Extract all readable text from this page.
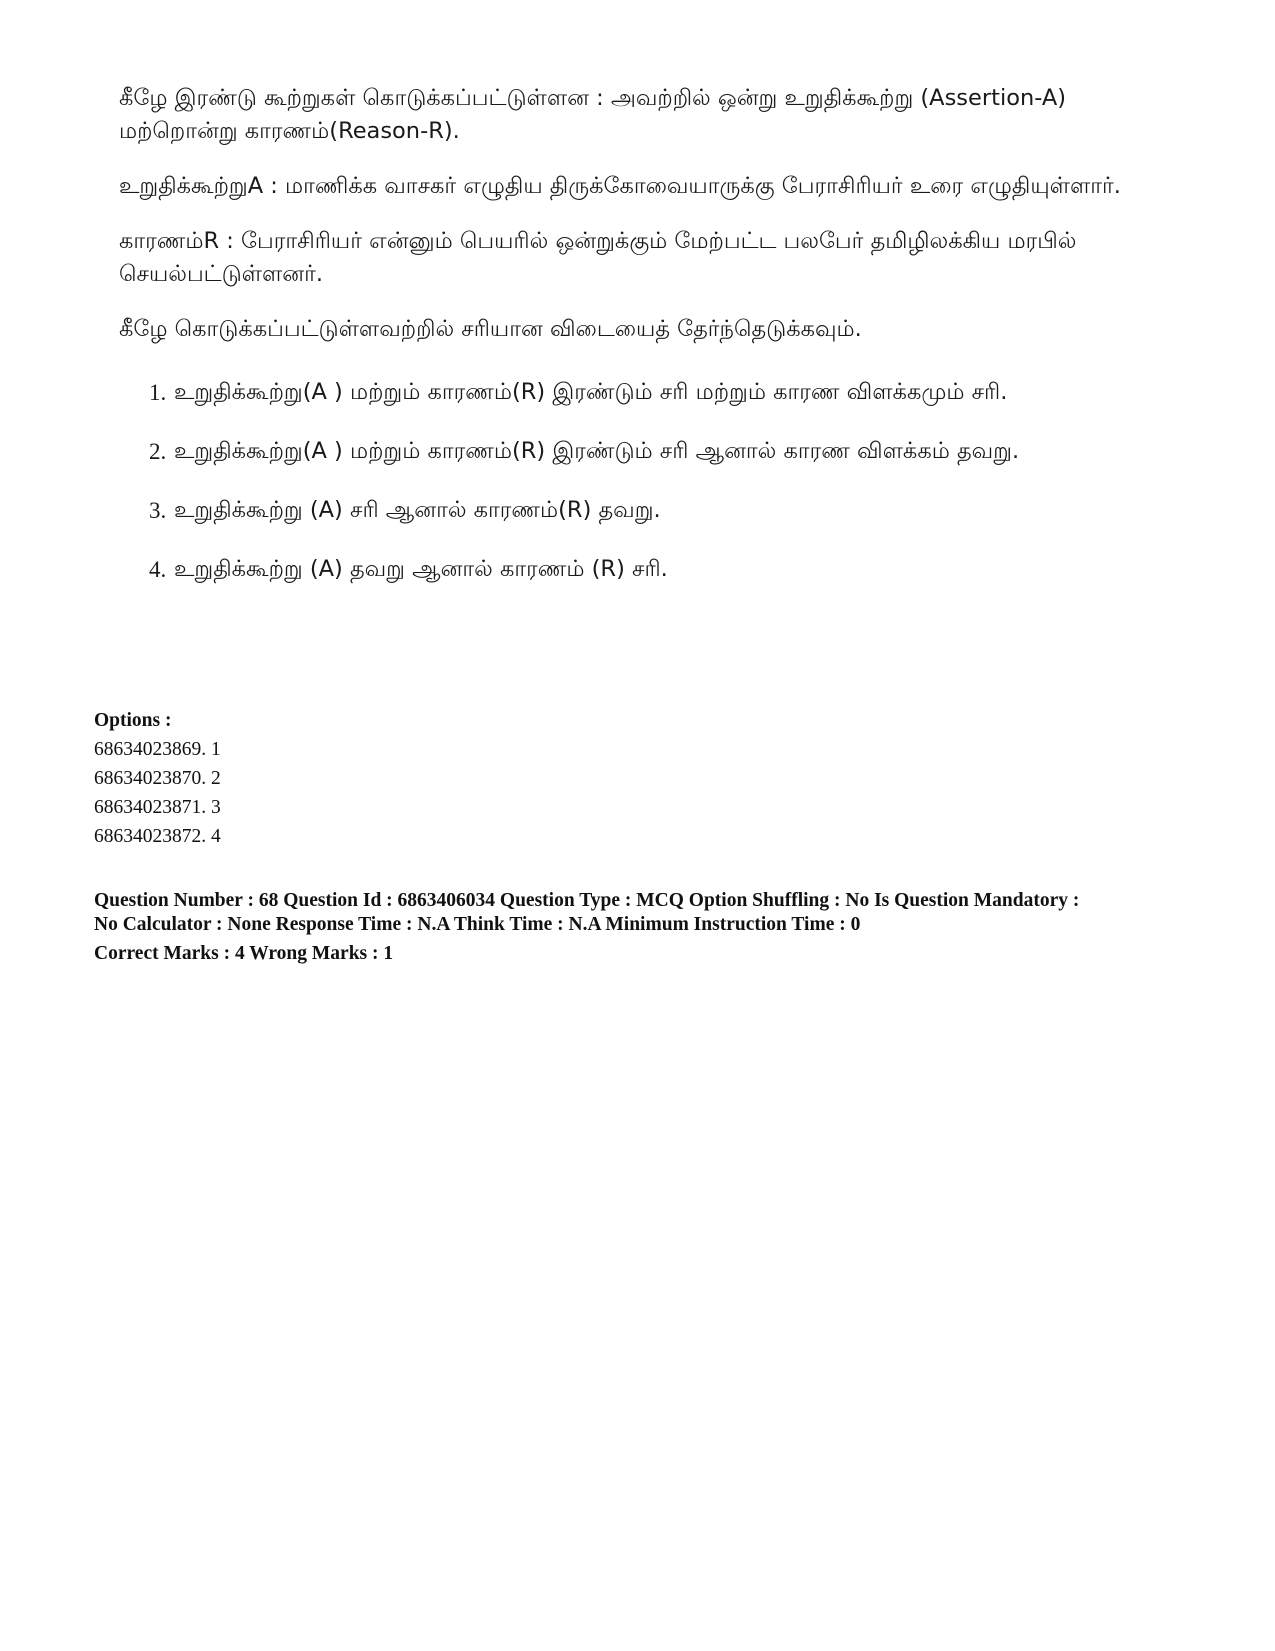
கீழே இரண்டு கூற்றுகள் கொடுக்கப்பட்டுள்ளன : அவற்றில் ஒன்று உறுதிக்கூற்று (Assertion-A) மற்றொன்று காரணம்(Reason-R).

உறுதிக்கூற்றுA : மாணிக்க வாசகர் எழுதிய திருக்கோவையாருக்கு பேராசிரியர் உரை எழுதியுள்ளார்.

காரணம்R : பேராசிரியர் என்னும் பெயரில் ஒன்றுக்கும் மேற்பட்ட பலபேர் தமிழிலக்கிய மரபில் செயல்பட்டுள்ளனர்.

கீழே கொடுக்கப்பட்டுள்ளவற்றில் சரியான விடையைத் தேர்ந்தெடுக்கவும்.

1. உறுதிக்கூற்று(A ) மற்றும் காரணம்(R) இரண்டும் சரி மற்றும் காரண விளக்கமும் சரி.
2. உறுதிக்கூற்று(A ) மற்றும் காரணம்(R) இரண்டும் சரி ஆனால் காரண விளக்கம் தவறு.
3. உறுதிக்கூற்று (A) சரி ஆனால் காரணம்(R) தவறு.
4. உறுதிக்கூற்று (A) தவறு ஆனால் காரணம் (R) சரி.
Options :
68634023869. 1
68634023870. 2
68634023871. 3
68634023872. 4
Question Number : 68 Question Id : 6863406034 Question Type : MCQ Option Shuffling : No Is Question Mandatory :
No Calculator : None Response Time : N.A Think Time : N.A Minimum Instruction Time : 0
Correct Marks : 4 Wrong Marks : 1
